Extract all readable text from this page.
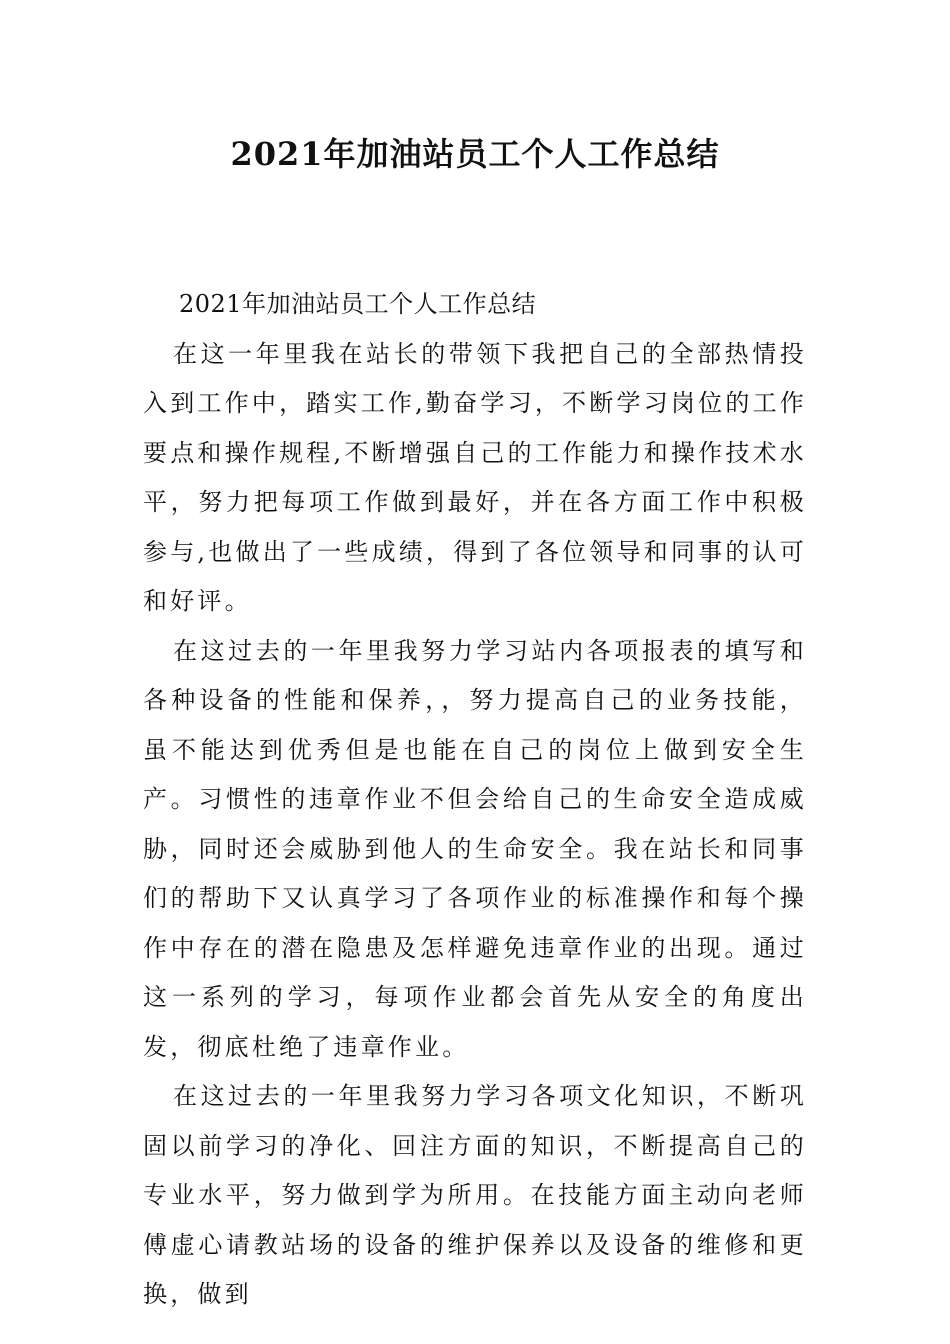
2021年加油站员工个人工作总结

2021年加油站员工个人工作总结

在这一年里我在站长的带领下我把自己的全部热情投入到工作中，踏实工作,勤奋学习，不断学习岗位的工作要点和操作规程,不断增强自己的工作能力和操作技术水平，努力把每项工作做到最好，并在各方面工作中积极参与,也做出了一些成绩，得到了各位领导和同事的认可和好评。

在这过去的一年里我努力学习站内各项报表的填写和各种设备的性能和保养，，努力提高自己的业务技能，虽不能达到优秀但是也能在自己的岗位上做到安全生产。习惯性的违章作业不但会给自己的生命安全造成威胁，同时还会威胁到他人的生命安全。我在站长和同事们的帮助下又认真学习了各项作业的标准操作和每个操作中存在的潜在隐患及怎样避免违章作业的出现。通过这一系列的学习，每项作业都会首先从安全的角度出发，彻底杜绝了违章作业。

在这过去的一年里我努力学习各项文化知识，不断巩固以前学习的净化、回注方面的知识，不断提高自己的专业水平，努力做到学为所用。在技能方面主动向老师傅虚心请教站场的设备的维护保养以及设备的维修和更换，做到
